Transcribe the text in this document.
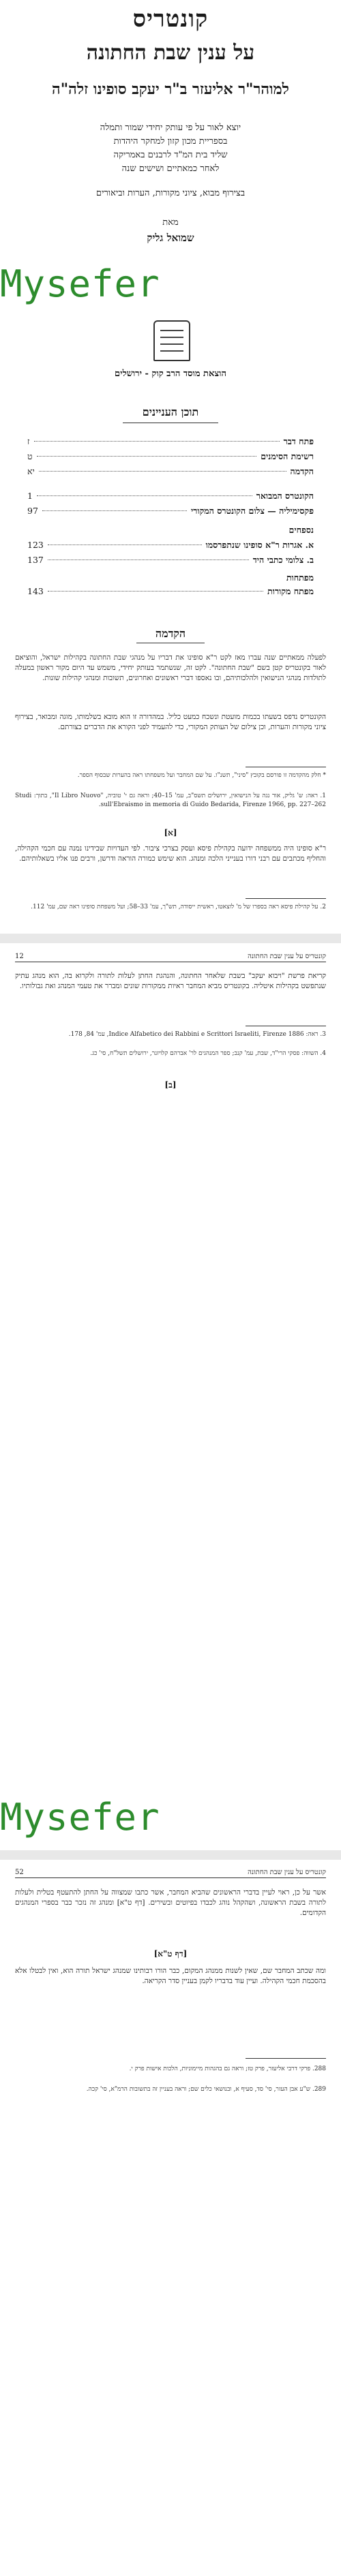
קונטריס
על ענין שבת החתונה
למוהר"ר אליעזר ב"ר יעקב סופינו זלה"ה
יוצא לאור על פי עותק יחידי שמור ותמלה
בספריית מכון קזון למחקר היהדות
שליד בית המ"ד לרבנים באמריקה
לאחר כמאתיים ושישים שנה
בצירוף מבוא, ציוני מקורות, הערות וביאורים
מאת
שמואל גליק
Mysefer
הוצאת מוסד הרב קוק - ירושלים
תוכן העניינים
פתח דבר
ז
רשימת הסימנים
ט
הקדמה
יא
הקונטרס המבואר
1
פקסימיליה — צלום הקונטרס המקורי
97
נספחים
א. אגרות ר"א סופינו שנתפרסמו
123
ב. צלומי כתבי היד
137
מפתחות
מפתח מקורות
143
הקדמה
לפעלה ממאתיים שנה עברו מאז לקט ר"א סופינו את דבריו על מנהגי שבת החתונה בקהילות ישראל, והוציאם לאור בקונטריס קטן בשם "שבת החתונה". לקט זה, שנשתמר בעותק יחידי, משמש עד היום מקור ראשון במעלה לתולדות מנהגי הנישואין ולהלכותיהם, ובו נאספו דברי ראשונים ואחרונים, תשובות ומנהגי קהילות שונות.
הקונטריס נדפס בשעתו בכמות מועטת ונשכח כמעט כליל. במהדורה זו הוא מובא בשלמותו, מוגה ומבואר, בצירוף ציוני מקורות והערות, וכן צילום של העותק המקורי, כדי להעמיד לפני הקורא את הדברים כצורתם.
* חלק מהקדמה זו פורסם בקובץ "סיני", תשנ"ו. על שם המחבר ועל משפחתו ראה בהערות שבסוף הספר.
1. ראה: ש' גליק, אור נגה על הנישואין, ירושלים תשס"ב, עמ' 15–40; וראה גם י' טוביה, "Il Libro Nuovo", בתוך: Studi sull'Ebraismo in memoria di Guido Bedarida, Firenze 1966, pp. 227–262.
[א]
ר"א סופינו היה ממשפחה ידועה בקהילת פיסא ועסק בצרכי ציבור. לפי העדויות שבידינו נמנה עם חכמי הקהילה, והחליף מכתבים עם רבני דורו בענייני הלכה ומנהג. הוא שימש כמורה הוראה ודרשן, ורבים פנו אליו בשאלותיהם.
2. על קהילת פיסא ראה בספרו של מ' לוצאטו, ראשית ייסודה, תש"ך, עמ' 33–58; ועל משפחת סופינו ראה שם, עמ' 112.
12	קונטריס על ענין שבת החתונה
קריאת פרשת "ויבוא יעקב" בשבת שלאחר החתונה, והנהגת החתן לעלות לתורה ולקרוא בה, הוא מנהג עתיק שנתפשט בקהילות איטליה. בקונטריס מביא המחבר ראיות ממקורות שונים ומברר את טעמי המנהג ואת גבולותיו.
3. ראה: Indice Alfabetico dei Rabbini e Scrittori Israeliti, Firenze 1886, עמ' 84, 178.
4. השווה: פסקי הרי"ד, שבת, עמ' קנב; ספר המנהגים לר' אברהם קלויזנר, ירושלים תשל"ח, סי' כג.
[ב]
Mysefer
52	קונטריס על ענין שבת החתונה
אשר על כן, ראוי לעיין בדברי הראשונים שהביא המחבר, אשר כתבו שמצווה על החתן להתעטף בטלית ולעלות לתורה בשבת הראשונה, ושהקהל נוהג לכבדו בפיוטים ובשירים. [דף ט"א] ומנהג זה נזכר כבר בספרי המנהגים הקדומים.
[דף ט"א]
ומה שכתב המחבר שם, שאין לשנות ממנהג המקום, כבר הורו רבותינו שמנהג ישראל תורה הוא, ואין לבטלו אלא בהסכמת חכמי הקהילה. ועיין עוד בדבריו לקמן בעניין סדר הקריאה.
288. פרקי דרבי אליעזר, פרק טז; וראה גם בהגהות מיימוניות, הלכות אישות פרק י.
289. ש"ע אבן העזר, סי' סד, סעיף א, ובנושאי כלים שם; וראה בעניין זה בתשובות הרמ"א, סי' קכה.
